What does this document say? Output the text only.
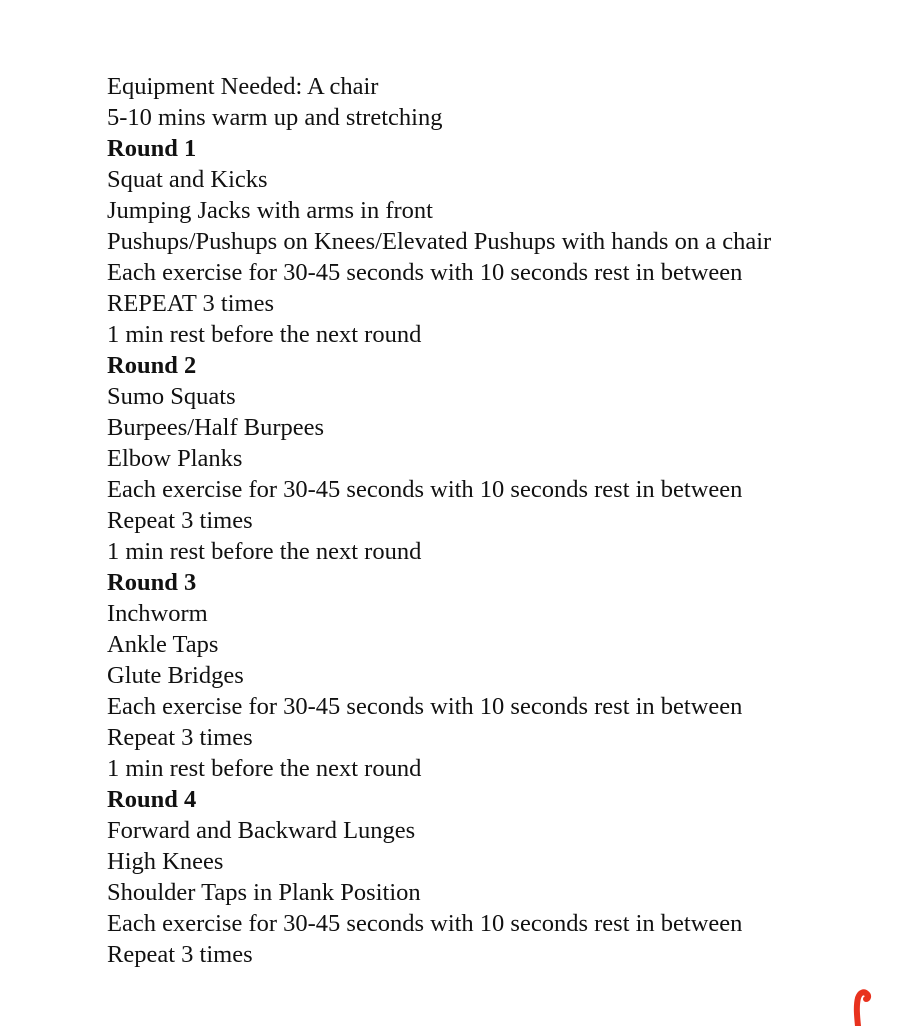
Equipment Needed: A chair
5-10 mins warm up and stretching
Round 1
Squat and Kicks
Jumping Jacks with arms in front
Pushups/Pushups on Knees/Elevated Pushups with hands on a chair
Each exercise for 30-45 seconds with 10 seconds rest in between
REPEAT 3 times
1 min rest before the next round
Round 2
Sumo Squats
Burpees/Half Burpees
Elbow Planks
Each exercise for 30-45 seconds with 10 seconds rest in between
Repeat 3 times
1 min rest before the next round
Round 3
Inchworm
Ankle Taps
Glute Bridges
Each exercise for 30-45 seconds with 10 seconds rest in between
Repeat 3 times
1 min rest before the next round
Round 4
Forward and Backward Lunges
High Knees
Shoulder Taps in Plank Position
Each exercise for 30-45 seconds with 10 seconds rest in between
Repeat 3 times
